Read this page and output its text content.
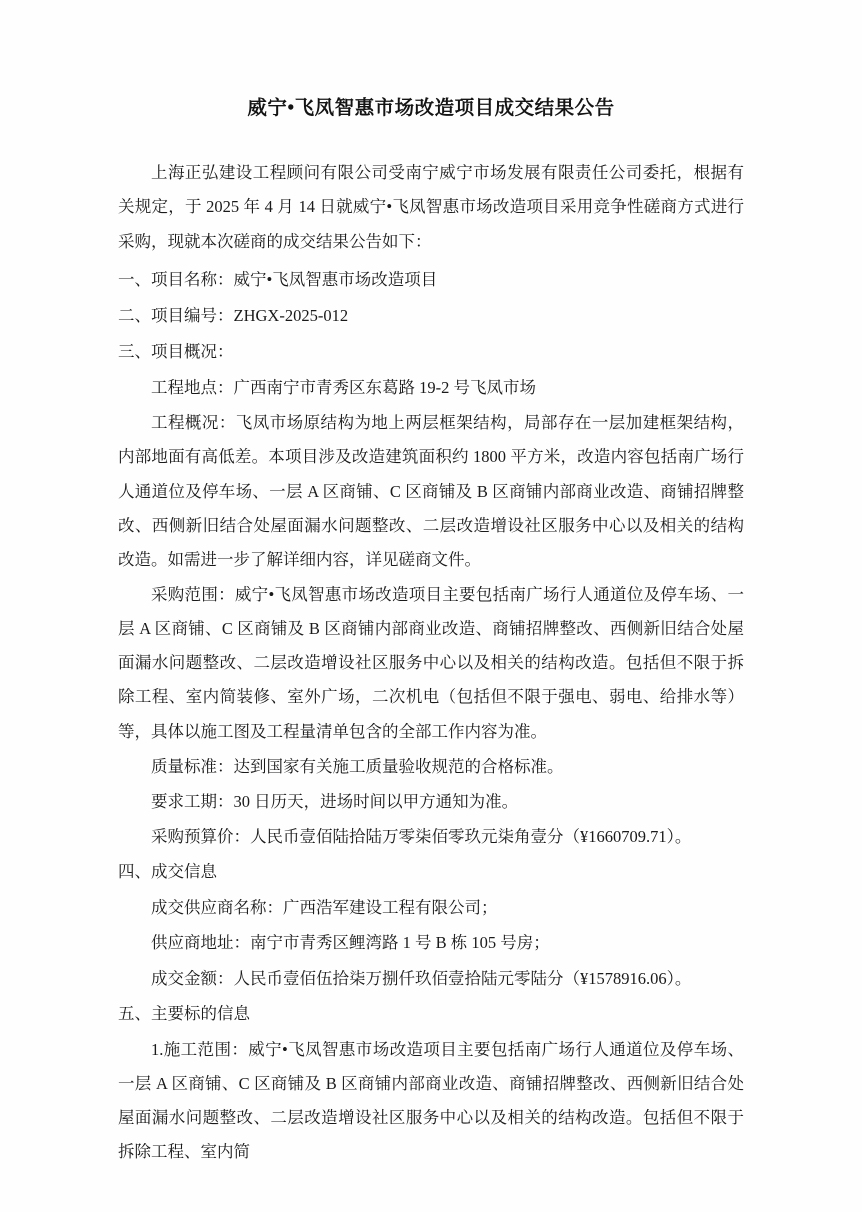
威宁•飞凤智惠市场改造项目成交结果公告

上海正弘建设工程顾问有限公司受南宁威宁市场发展有限责任公司委托，根据有关规定，于 2025 年 4 月 14 日就威宁•飞凤智惠市场改造项目采用竞争性磋商方式进行采购，现就本次磋商的成交结果公告如下：

一、项目名称：威宁•飞凤智惠市场改造项目

二、项目编号：ZHGX-2025-012

三、项目概况：

工程地点：广西南宁市青秀区东葛路 19-2 号飞凤市场

工程概况：飞凤市场原结构为地上两层框架结构，局部存在一层加建框架结构，内部地面有高低差。本项目涉及改造建筑面积约 1800 平方米，改造内容包括南广场行人通道位及停车场、一层 A 区商铺、C 区商铺及 B 区商铺内部商业改造、商铺招牌整改、西侧新旧结合处屋面漏水问题整改、二层改造增设社区服务中心以及相关的结构改造。如需进一步了解详细内容，详见磋商文件。

采购范围：威宁•飞凤智惠市场改造项目主要包括南广场行人通道位及停车场、一层 A 区商铺、C 区商铺及 B 区商铺内部商业改造、商铺招牌整改、西侧新旧结合处屋面漏水问题整改、二层改造增设社区服务中心以及相关的结构改造。包括但不限于拆除工程、室内简装修、室外广场，二次机电（包括但不限于强电、弱电、给排水等）等，具体以施工图及工程量清单包含的全部工作内容为准。

质量标准：达到国家有关施工质量验收规范的合格标准。

要求工期：30 日历天，进场时间以甲方通知为准。

采购预算价：人民币壹佰陆拾陆万零柒佰零玖元柒角壹分（¥1660709.71）。

四、成交信息

成交供应商名称：广西浩军建设工程有限公司；

供应商地址：南宁市青秀区鲤湾路 1 号 B 栋 105 号房；

成交金额：人民币壹佰伍拾柒万捌仟玖佰壹拾陆元零陆分（¥1578916.06）。

五、主要标的信息

1.施工范围：威宁•飞凤智惠市场改造项目主要包括南广场行人通道位及停车场、一层 A 区商铺、C 区商铺及 B 区商铺内部商业改造、商铺招牌整改、西侧新旧结合处屋面漏水问题整改、二层改造增设社区服务中心以及相关的结构改造。包括但不限于拆除工程、室内简
